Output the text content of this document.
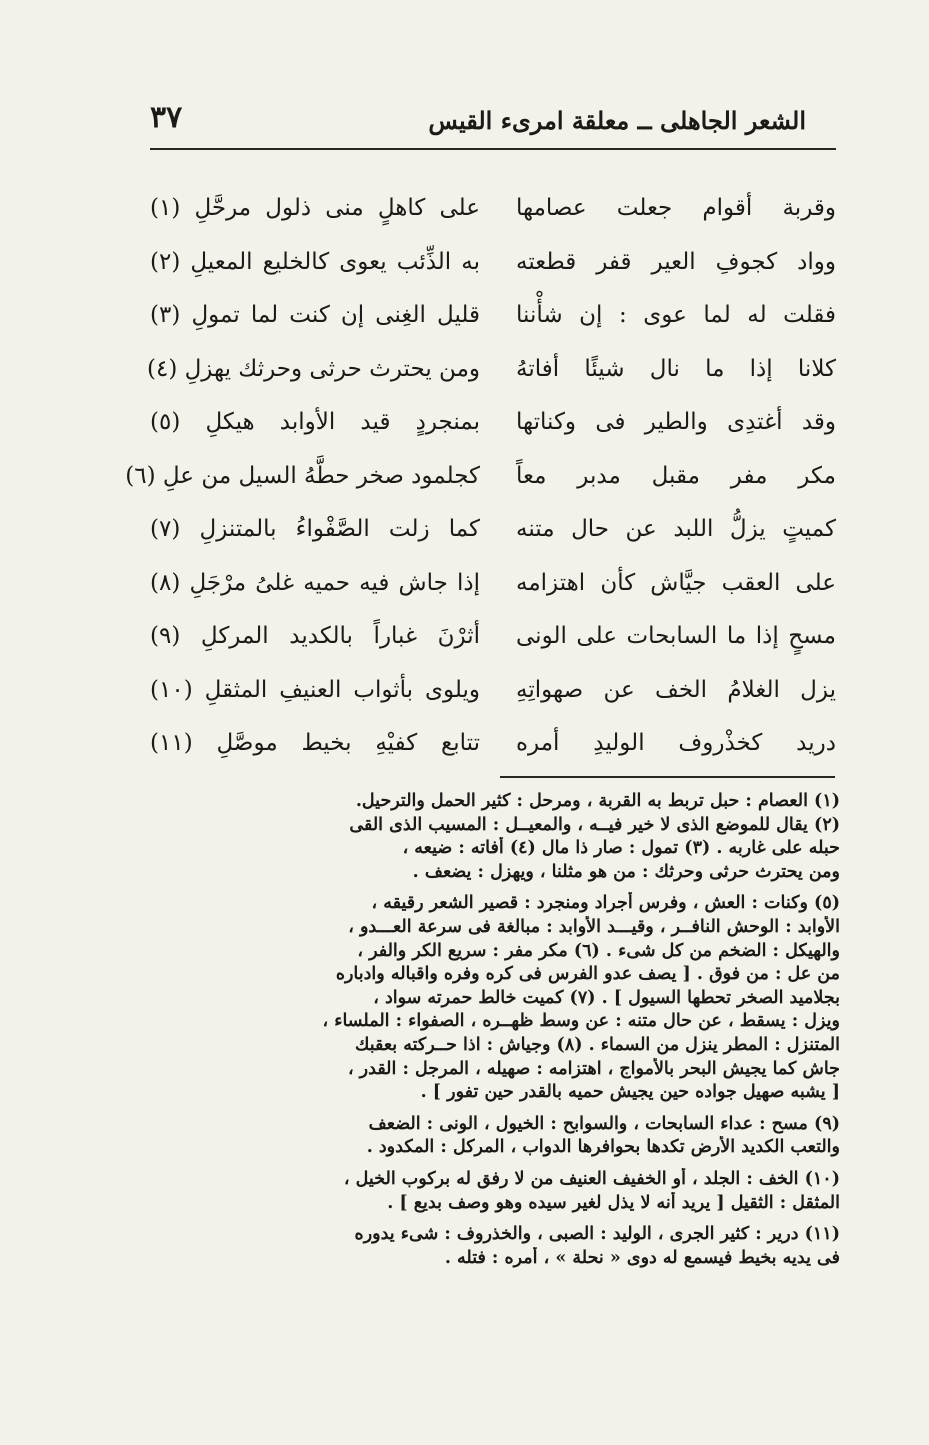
الشعر الجاهلى ــ معلقة امرىء القيس
٣٧
وقربة أقوام جعلت عصامها
على كاهلٍ منى ذلول مرحَّلِ (١)
وواد كجوفِ العير قفر قطعته
به الذِّئب يعوى كالخليع المعيلِ (٢)
فقلت له لما عوى : إن شأْننا
قليل الغِنى إن كنت لما تمولِ (٣)
كلانا إذا ما نال شيئًا أفاتهُ
ومن يحترث حرثى وحرثك يهزلِ (٤)
وقد أغتدِى والطير فى وكناتها
بمنجردٍ قيد الأوابد هيكلِ (٥)
مكر مفر مقبل مدبر معاً
كجلمود صخر حطَّهُ السيل من علِ (٦)
كميتٍ يزلُّ اللبد عن حال متنه
كما زلت الصَّفْواءُ بالمتنزلِ (٧)
على العقب جيَّاش كأن اهتزامه
إذا جاش فيه حميه غلىُ مرْجَلِ (٨)
مسحٍ إذا ما السابحات على الونى
أثرْنَ غباراً بالكديد المركلِ (٩)
يزل الغلامُ الخف عن صهواتِهِ
ويلوى بأثواب العنيفِ المثقلِ (١٠)
دريد كخذْروف الوليدِ أمره
تتابع كفيْهِ بخيط موصَّلِ (١١)
(١) العصام : حبل تربط به القربة ، ومرحل : كثير الحمل والترحيل.
(٢) يقال للموضع الذى لا خير فيــه ، والمعيــل : المسيب الذى القى
حبله على غاربه . (٣) تمول : صار ذا مال (٤) أفاته : ضيعه ،
ومن يحترث حرثى وحرثك : من هو مثلنا ، ويهزل : يضعف .
(٥) وكنات : العش ، وفرس أجراد ومنجرد : قصير الشعر رقيقه ،
الأوابد : الوحش النافــر ، وقيـــد الأوابد : مبالغة فى سرعة العـــدو ،
والهيكل : الضخم من كل شىء . (٦) مكر مفر : سريع الكر والفر ،
من عل : من فوق . [ يصف عدو الفرس فى كره وفره واقباله وادباره
بجلاميد الصخر تحطها السيول ] . (٧) كميت خالط حمرته سواد ،
ويزل : يسقط ، عن حال متنه : عن وسط ظهــره ، الصفواء : الملساء ،
المتنزل : المطر ينزل من السماء . (٨) وجياش : اذا حــركته بعقبك
جاش كما يجيش البحر بالأمواج ، اهتزامه : صهيله ، المرجل : القدر ،
[ يشبه صهيل جواده حين يجيش حميه بالقدر حين تفور ] .
(٩) مسح : عداء السابحات ، والسوابح : الخيول ، الونى : الضعف
والتعب الكديد الأرض تكدها بحوافرها الدواب ، المركل : المكدود .
(١٠) الخف : الجلد ، أو الخفيف العنيف من لا رفق له بركوب الخيل ،
المثقل : الثقيل [ يريد أنه لا يذل لغير سيده وهو وصف بديع ] .
(١١) درير : كثير الجرى ، الوليد : الصبى ، والخذروف : شىء يدوره
فى يديه بخيط فيسمع له دوى « نحلة » ، أمره : فتله .
